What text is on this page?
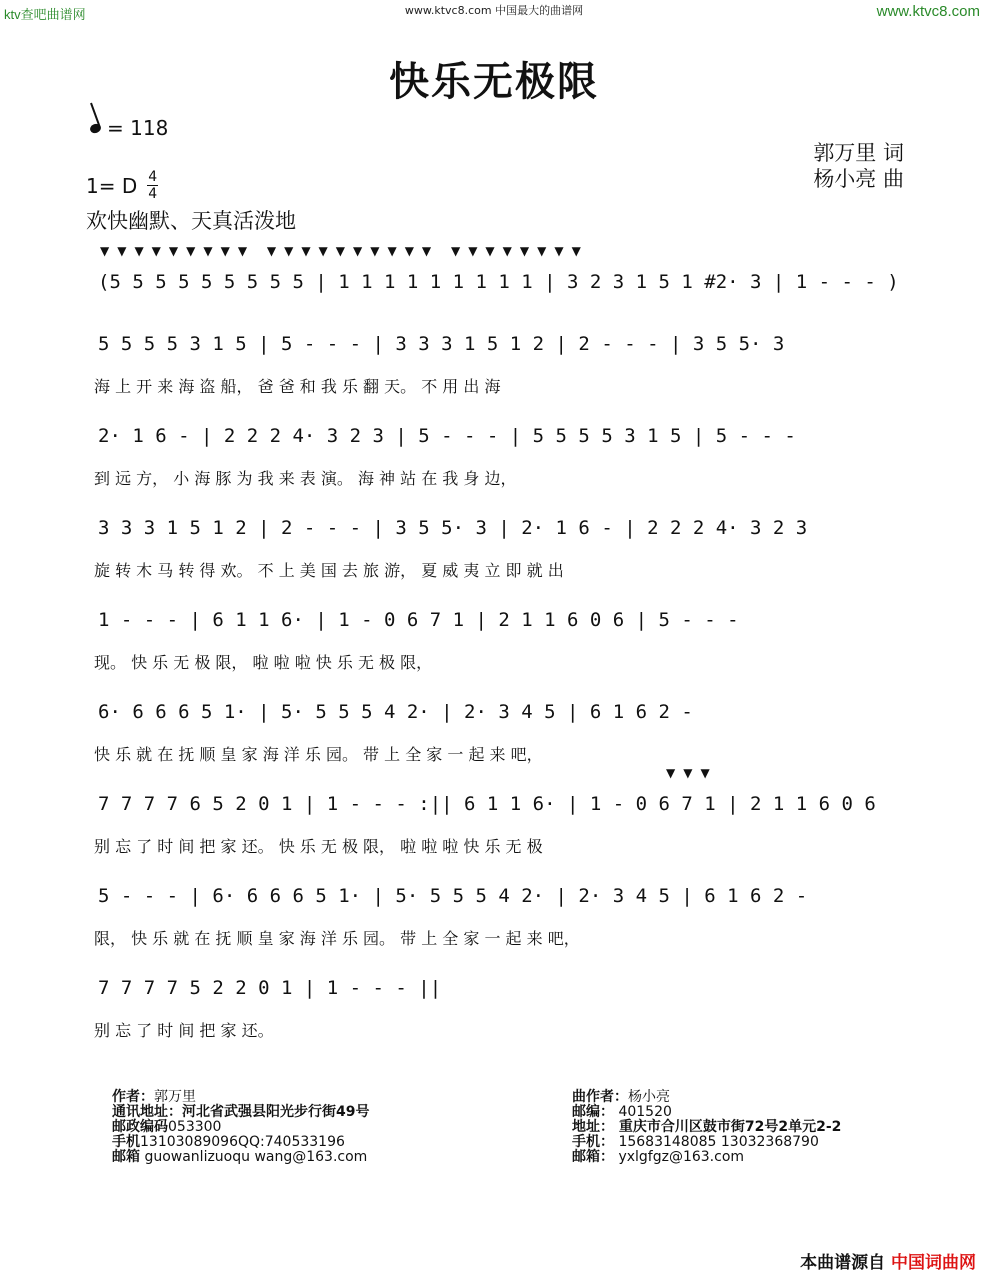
ktv查吧曲谱网	www.ktvc8.com 中国最大的曲谱网	www.ktvc8.com
快乐无极限
= 118
郭万里 词
杨小亮 曲
1= D 4
4
欢快幽默、天真活泼地
▼▼▼▼▼▼▼▼▼ ▼▼▼▼▼▼▼▼▼▼ ▼▼▼▼▼▼▼▼
(5 5 5 5 5 5 5 5 5 | 1 1 1 1 1 1 1 1 1 | 3 2 3 1 5 1 #2· 3 | 1 - - - )
5 5 5 5 3 1 5 | 5 - - - | 3 3 3 1 5 1 2 | 2 - - - | 3 5 5· 3
海 上 开 来 海 盗 船， 爸 爸 和 我 乐 翻 天。 不 用 出 海
2· 1 6 - | 2 2 2 4· 3 2 3 | 5 - - - | 5 5 5 5 3 1 5 | 5 - - -
到 远 方， 小 海 豚 为 我 来 表 演。 海 神 站 在 我 身 边，
3 3 3 1 5 1 2 | 2 - - - | 3 5 5· 3 | 2· 1 6 - | 2 2 2 4· 3 2 3
旋 转 木 马 转 得 欢。 不 上 美 国 去 旅 游， 夏 威 夷 立 即 就 出
1 - - - | 6 1 1 6· | 1 - 0 6 7 1 | 2 1 1 6 0 6 | 5 - - -
现。 快 乐 无 极 限， 啦 啦 啦 快 乐 无 极 限，
6· 6 6 6 5 1· | 5· 5 5 5 4 2· | 2· 3 4 5 | 6 1 6 2 -
快 乐 就 在 抚 顺 皇 家 海 洋 乐 园。 带 上 全 家 一 起 来 吧，
▼▼▼
7 7 7 7 6 5 2 0 1 | 1 - - - :|| 6 1 1 6· | 1 - 0 6 7 1 | 2 1 1 6 0 6
别 忘 了 时 间 把 家 还。 快 乐 无 极 限， 啦 啦 啦 快 乐 无 极
5 - - - | 6· 6 6 6 5 1· | 5· 5 5 5 4 2· | 2· 3 4 5 | 6 1 6 2 -
限， 快 乐 就 在 抚 顺 皇 家 海 洋 乐 园。 带 上 全 家 一 起 来 吧，
7 7 7 7 5 2 2 0 1 | 1 - - - ||
别 忘 了 时 间 把 家 还。
作者：郭万里
通讯地址：河北省武强县阳光步行街49号
邮政编码053300
手机13103089096QQ:740533196
邮箱 guowanlizuoqu wang@163.com
曲作者：杨小亮
邮编： 401520
地址： 重庆市合川区鼓市街72号2单元2-2
手机： 15683148085 13032368790
邮箱： yxlgfgz@163.com
本曲谱源自 中国词曲网
